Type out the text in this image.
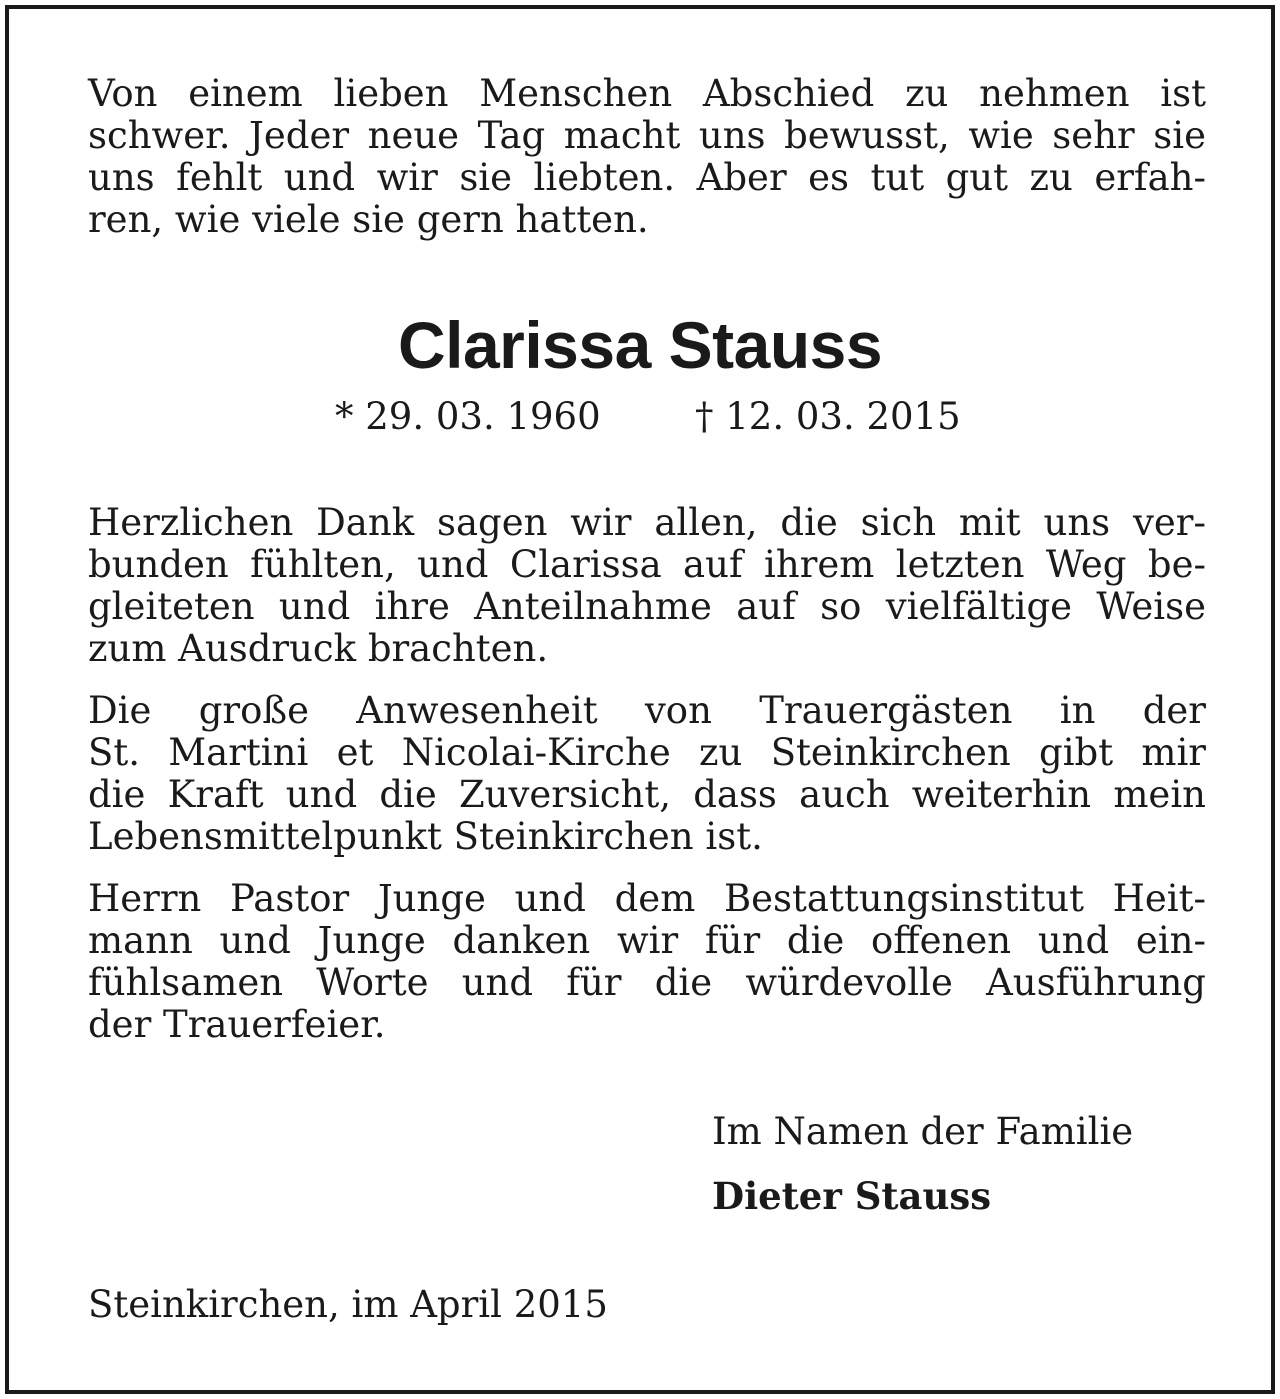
Von einem lieben Menschen Abschied zu nehmen ist
schwer. Jeder neue Tag macht uns bewusst, wie sehr sie
uns fehlt und wir sie liebten. Aber es tut gut zu erfah-
ren, wie viele sie gern hatten.
Clarissa Stauss
* 29. 03. 1960	† 12. 03. 2015
Herzlichen Dank sagen wir allen, die sich mit uns ver-
bunden fühlten, und Clarissa auf ihrem letzten Weg be-
gleiteten und ihre Anteilnahme auf so vielfältige Weise
zum Ausdruck brachten.
Die große Anwesenheit von Trauergästen in der
St. Martini et Nicolai-Kirche zu Steinkirchen gibt mir
die Kraft und die Zuversicht, dass auch weiterhin mein
Lebensmittelpunkt Steinkirchen ist.
Herrn Pastor Junge und dem Bestattungsinstitut Heit-
mann und Junge danken wir für die offenen und ein-
fühlsamen Worte und für die würdevolle Ausführung
der Trauerfeier.
Im Namen der Familie
Dieter Stauss
Steinkirchen, im April 2015
